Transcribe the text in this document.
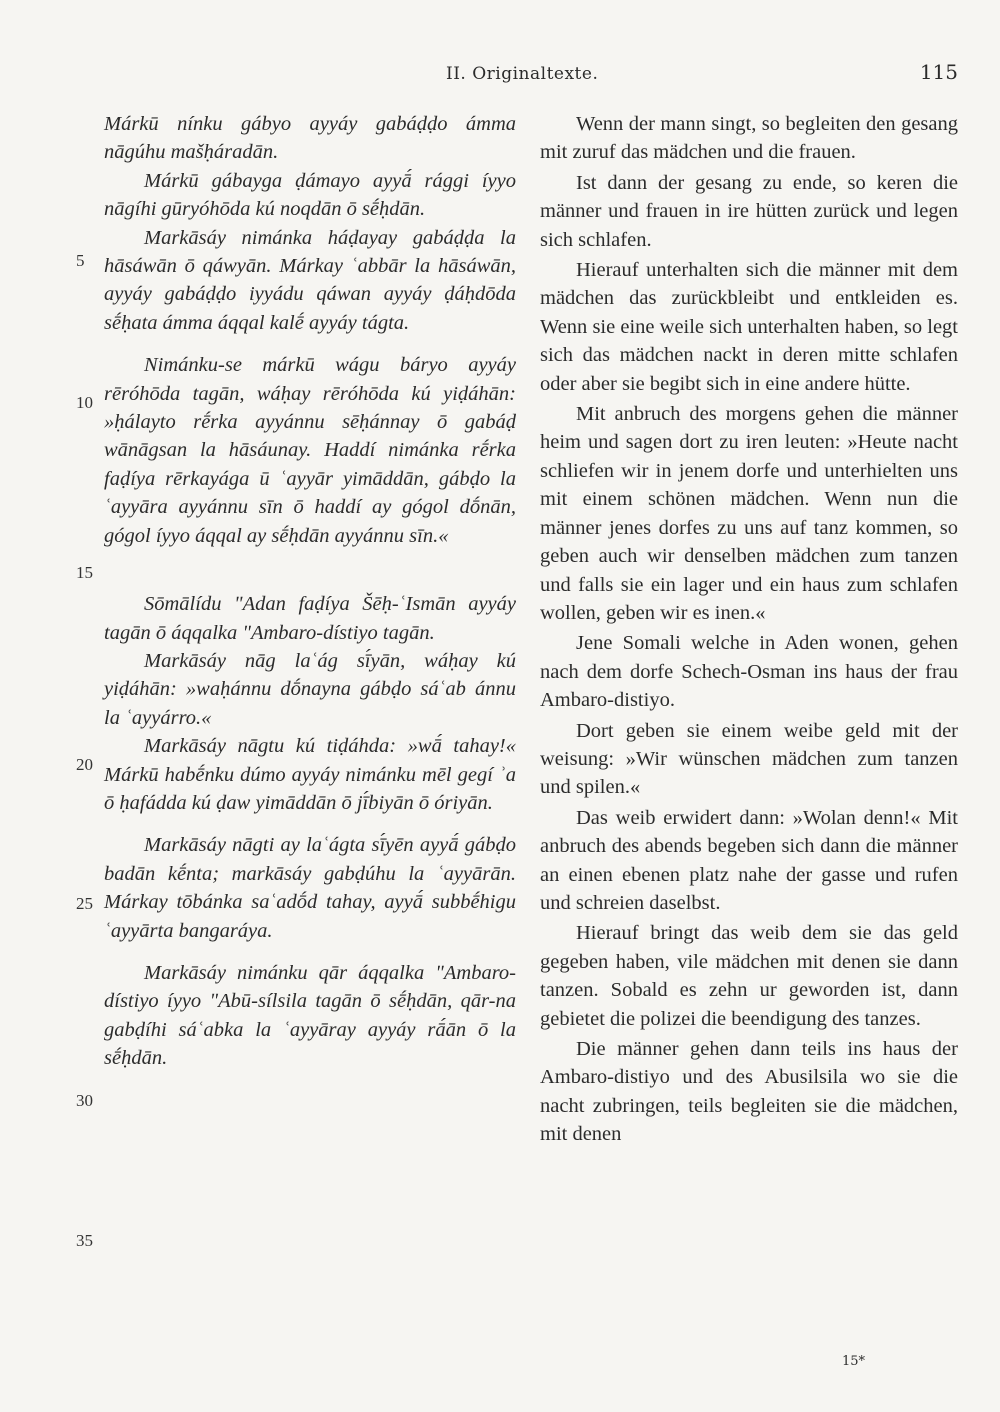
II. Originaltexte.	115
5
10
15
20
25
30
35

Márkū nínku gábyo ayyáy gabáḍḍo ámma nāgúhu mašḥáradān.

Márkū gábayga ḍámayo ayyā́ rággi íyyo nāgíhi gūryóhōda kú noqdān ō sḗḥdān.

Markāsáy nimánka háḍayay gabáḍḍa la hāsáwān ō qáwyān. Márkay ʿabbār la hāsáwān, ayyáy gabáḍḍo iyyádu qáwan ayyáy ḍáḥdōda sḗḥata ámma áqqal kalḗ ayyáy tágta.

Nimánku-se márkū wágu báryo ayyáy rēróhōda tagān, wáḥay rēróhōda kú yiḍáhān: »ḥálayto rḗrka ayyánnu sēḥánnay ō gabáḍ wānāgsan la hāsáunay. Haddí nimánka rḗrka faḍíya rērkayága ū ʿayyār yimāddān, gábḍo la ʿayyāra ayyánnu sīn ō haddí ay gógol dṓnān, gógol íyyo áqqal ay sḗḥdān ayyánnu sīn.«

Sōmālídu ʺAdan faḍíya Šēḥ-ʿIsmān ayyáy tagān ō áqqalka ʺAmbaro-dístiyo tagān.

Markāsáy nāg laʿág sī́yān, wáḥay kú yiḍáhān: »waḥánnu dṓnayna gábḍo sáʿab ánnu la ʿayyárro.«

Markāsáy nāgtu kú tiḍáhda: »wā́ tahay!« Márkū habḗnku dúmo ayyáy nimánku mēl gegí ʾa ō ḥafádda kú ḍaw yimāddān ō jī́biyān ō óriyān.

Markāsáy nāgti ay laʿágta sī́yēn ayyā́ gábḍo badān kḗnta; markāsáy gabḍúhu la ʿayyārān. Márkay tōbánka saʿadṓd tahay, ayyā́ subbḗhigu ʿayyārta bangaráya.

Markāsáy nimánku qār áqqalka ʺAmbaro-dístiyo íyyo ʺAbū-sílsila tagān ō sḗḥdān, qār-na gabḍíhi sáʿabka la ʿayyāray ayyáy rā́ān ō la sḗḥdān.

Wenn der mann singt, so begleiten den gesang mit zuruf das mädchen und die frauen.

Ist dann der gesang zu ende, so keren die männer und frauen in ire hütten zurück und legen sich schlafen.

Hierauf unterhalten sich die männer mit dem mädchen das zurückbleibt und entkleiden es. Wenn sie eine weile sich unterhalten haben, so legt sich das mädchen nackt in deren mitte schlafen oder aber sie begibt sich in eine andere hütte.

Mit anbruch des morgens gehen die männer heim und sagen dort zu iren leuten: »Heute nacht schliefen wir in jenem dorfe und unterhielten uns mit einem schönen mädchen. Wenn nun die männer jenes dorfes zu uns auf tanz kommen, so geben auch wir denselben mädchen zum tanzen und falls sie ein lager und ein haus zum schlafen wollen, geben wir es inen.«

Jene Somali welche in Aden wonen, gehen nach dem dorfe Schech-Osman ins haus der frau Ambaro-distiyo.

Dort geben sie einem weibe geld mit der weisung: »Wir wünschen mädchen zum tanzen und spilen.«

Das weib erwidert dann: »Wolan denn!« Mit anbruch des abends begeben sich dann die männer an einen ebenen platz nahe der gasse und rufen und schreien daselbst.

Hierauf bringt das weib dem sie das geld gegeben haben, vile mädchen mit denen sie dann tanzen. Sobald es zehn ur geworden ist, dann gebietet die polizei die beendigung des tanzes.

Die männer gehen dann teils ins haus der Ambaro-distiyo und des Abusilsila wo sie die nacht zubringen, teils begleiten sie die mädchen, mit denen

15*
